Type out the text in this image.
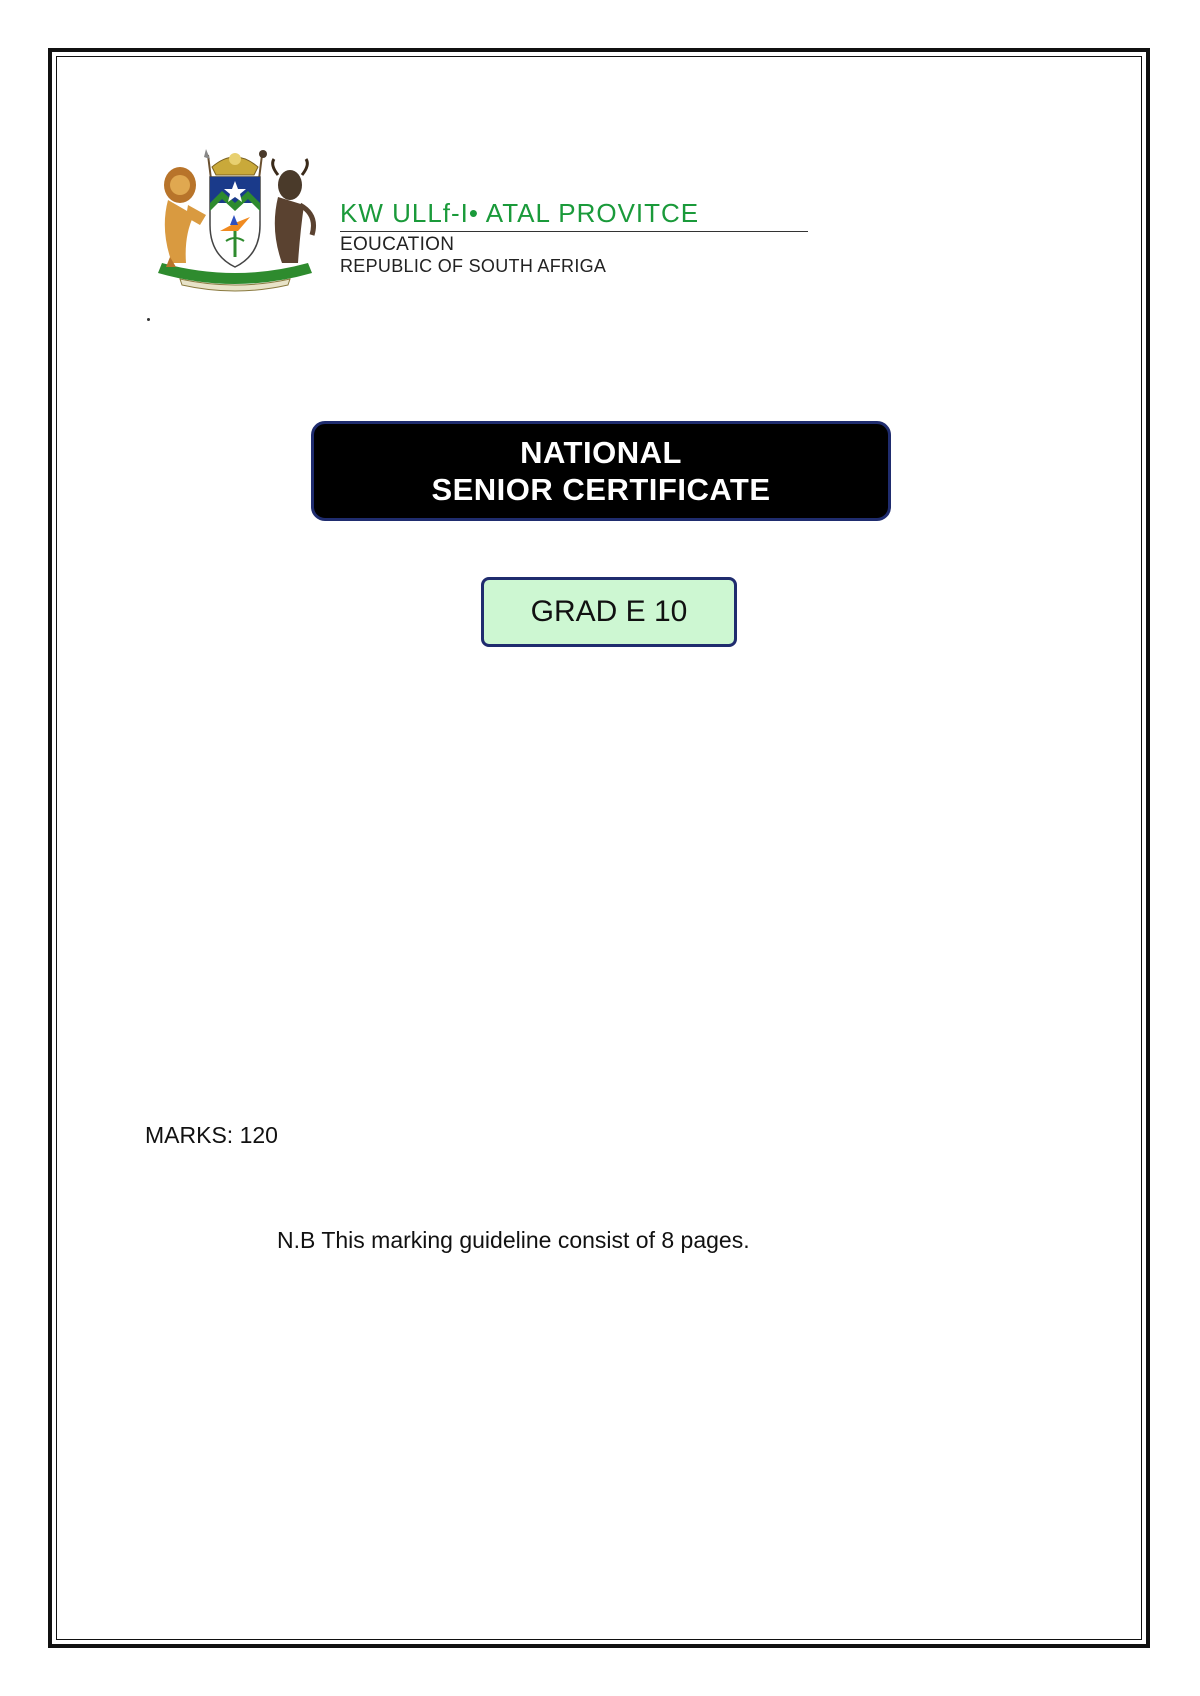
KW ULLf-I• ATAL PROVITCE
EOUCATION
REPUBLIC OF SOUTH AFRIGA
NATIONAL
SENIOR CERTIFICATE
GRAD E 10
MARKS: 120
N.B This marking guideline consist of 8 pages.
